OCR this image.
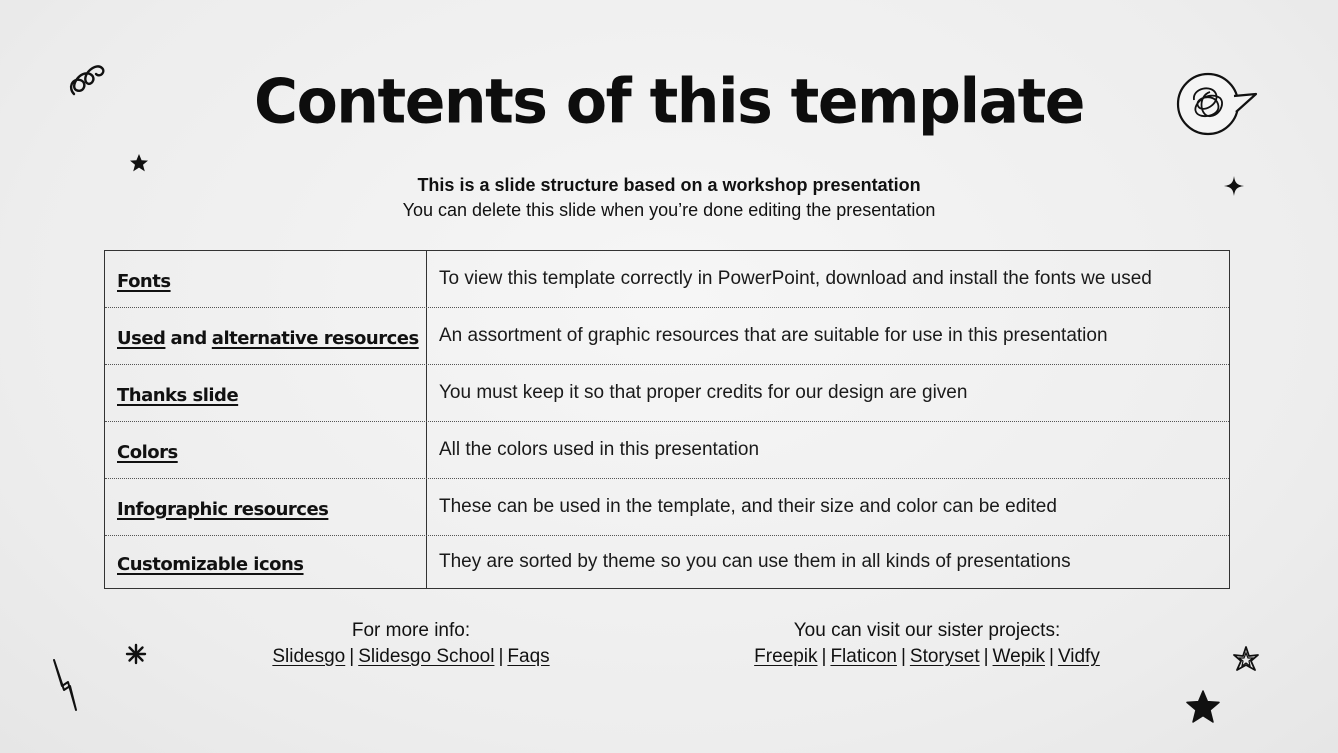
Contents of this template
This is a slide structure based on a workshop presentation
You can delete this slide when you’re done editing the presentation
Fonts	To view this template correctly in PowerPoint, download and install the fonts we used
Used and alternative resources	An assortment of graphic resources that are suitable for use in this presentation
Thanks slide	You must keep it so that proper credits for our design are given
Colors	All the colors used in this presentation
Infographic resources	These can be used in the template, and their size and color can be edited
Customizable icons	They are sorted by theme so you can use them in all kinds of presentations
For more info:
Slidesgo | Slidesgo School | Faqs
You can visit our sister projects:
Freepik | Flaticon | Storyset | Wepik | Vidfy
